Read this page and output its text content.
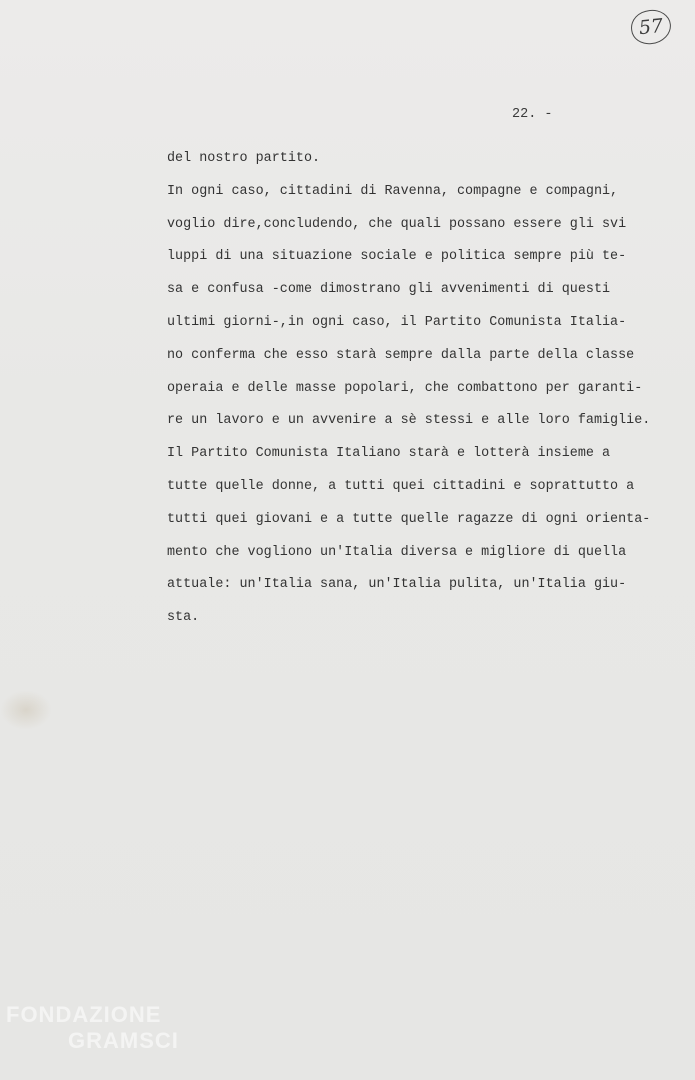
57
22. -
del nostro partito.
In ogni caso, cittadini di Ravenna, compagne e compagni,
voglio dire,concludendo, che quali possano essere gli svi
luppi di una situazione sociale e politica sempre più te-
sa e confusa -come dimostrano gli avvenimenti di questi
ultimi giorni-,in ogni caso, il Partito Comunista Italia-
no conferma che esso starà sempre dalla parte della classe
operaia e delle masse popolari, che combattono per garanti-
re un lavoro e un avvenire a sè stessi e alle loro famiglie.
Il Partito Comunista Italiano starà e lotterà insieme a
tutte quelle donne, a tutti quei cittadini e soprattutto a
tutti quei giovani e a tutte quelle ragazze di ogni orienta-
mento che vogliono un'Italia diversa e migliore di quella
attuale: un'Italia sana, un'Italia pulita, un'Italia giu-
sta.
FONDAZIONE
GRAMSCI
